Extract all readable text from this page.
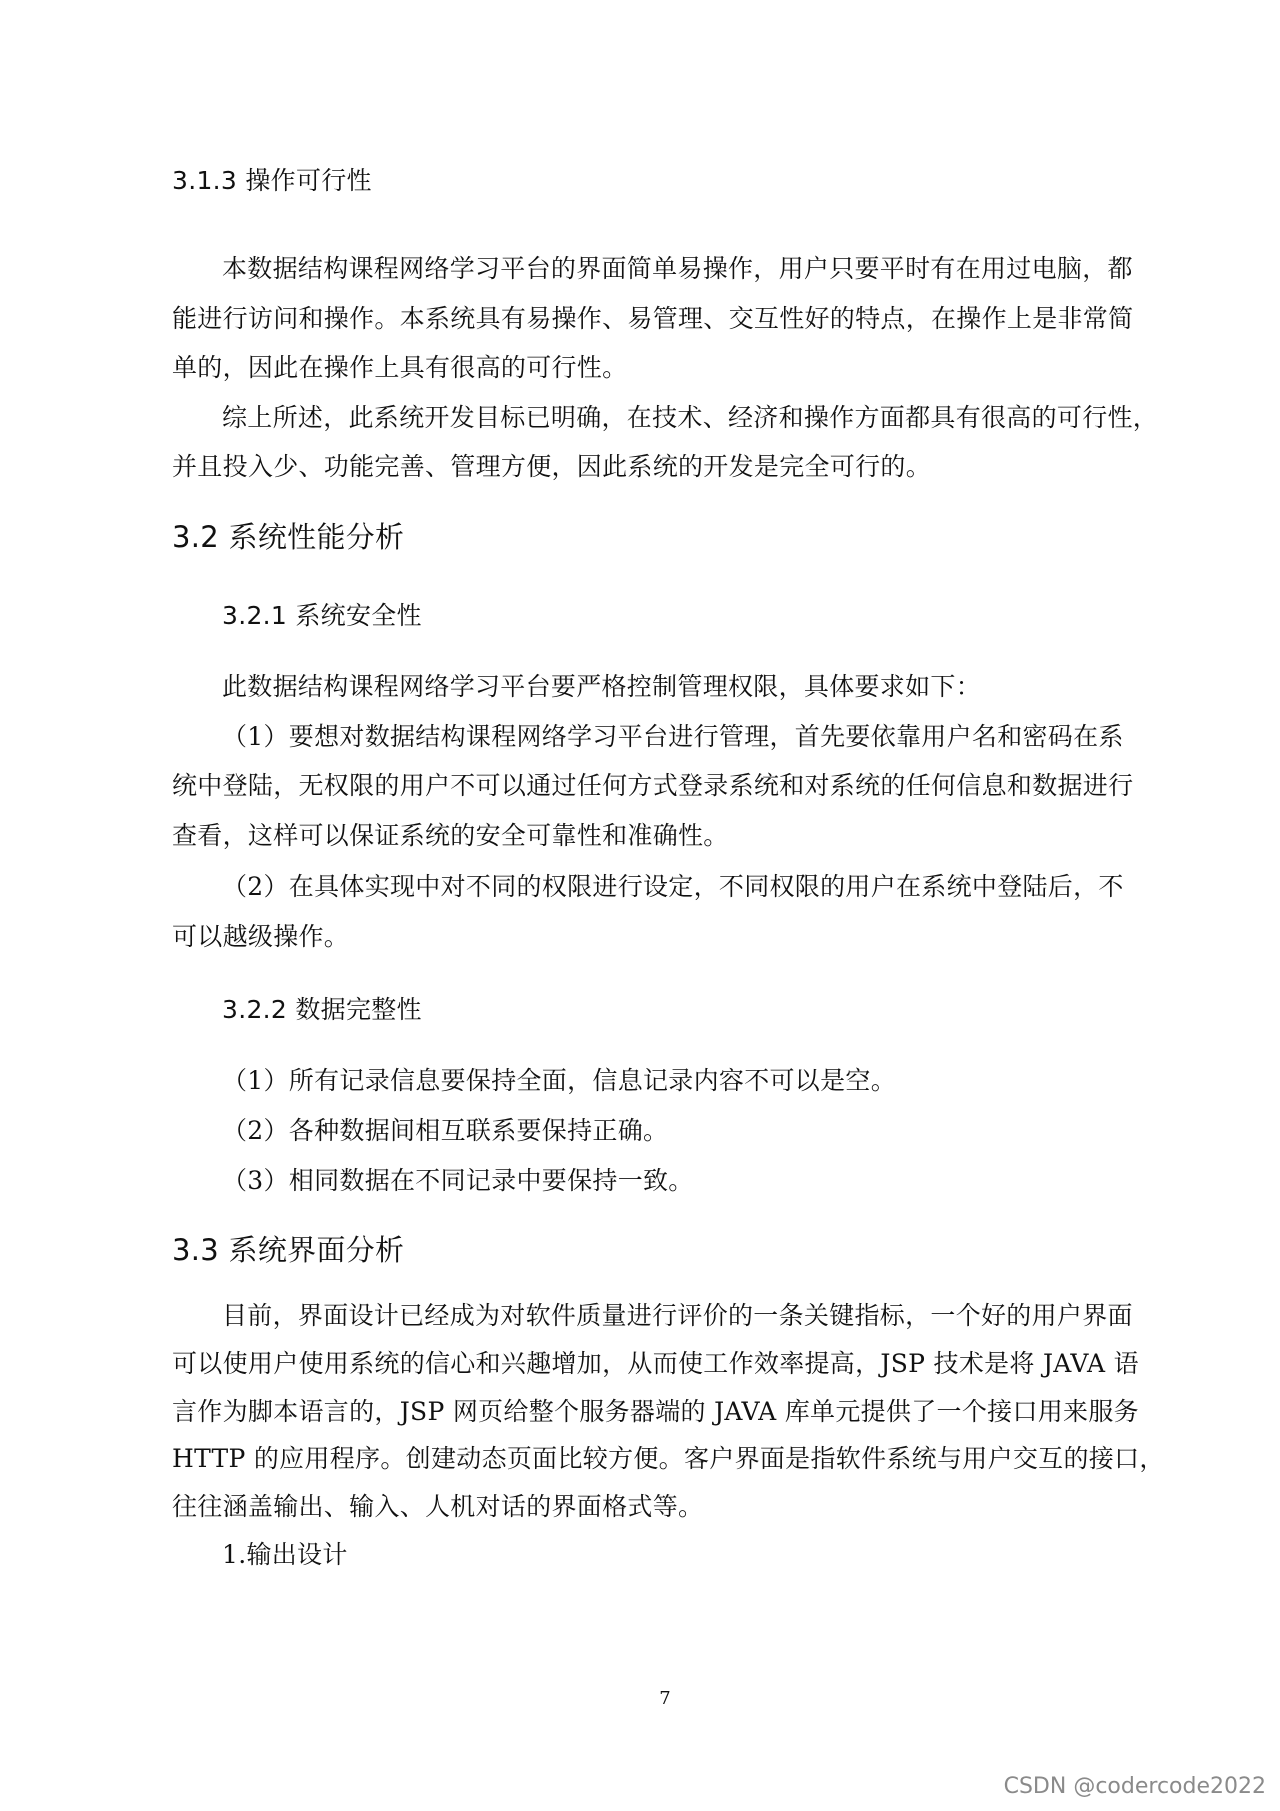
3.1.3 操作可行性
本数据结构课程网络学习平台的界面简单易操作，用户只要平时有在用过电脑，都
能进行访问和操作。本系统具有易操作、易管理、交互性好的特点，在操作上是非常简
单的，因此在操作上具有很高的可行性。
综上所述，此系统开发目标已明确，在技术、经济和操作方面都具有很高的可行性，
并且投入少、功能完善、管理方便，因此系统的开发是完全可行的。
3.2 系统性能分析
3.2.1 系统安全性
此数据结构课程网络学习平台要严格控制管理权限，具体要求如下：
（1）要想对数据结构课程网络学习平台进行管理，首先要依靠用户名和密码在系
统中登陆，无权限的用户不可以通过任何方式登录系统和对系统的任何信息和数据进行
查看，这样可以保证系统的安全可靠性和准确性。
（2）在具体实现中对不同的权限进行设定，不同权限的用户在系统中登陆后，不
可以越级操作。
3.2.2 数据完整性
（1）所有记录信息要保持全面，信息记录内容不可以是空。
（2）各种数据间相互联系要保持正确。
（3）相同数据在不同记录中要保持一致。
3.3 系统界面分析
目前，界面设计已经成为对软件质量进行评价的一条关键指标，一个好的用户界面
可以使用户使用系统的信心和兴趣增加，从而使工作效率提高，JSP 技术是将 JAVA 语
言作为脚本语言的，JSP 网页给整个服务器端的 JAVA 库单元提供了一个接口用来服务
HTTP 的应用程序。创建动态页面比较方便。客户界面是指软件系统与用户交互的接口，
往往涵盖输出、输入、人机对话的界面格式等。
1.输出设计
7
CSDN @codercode2022
